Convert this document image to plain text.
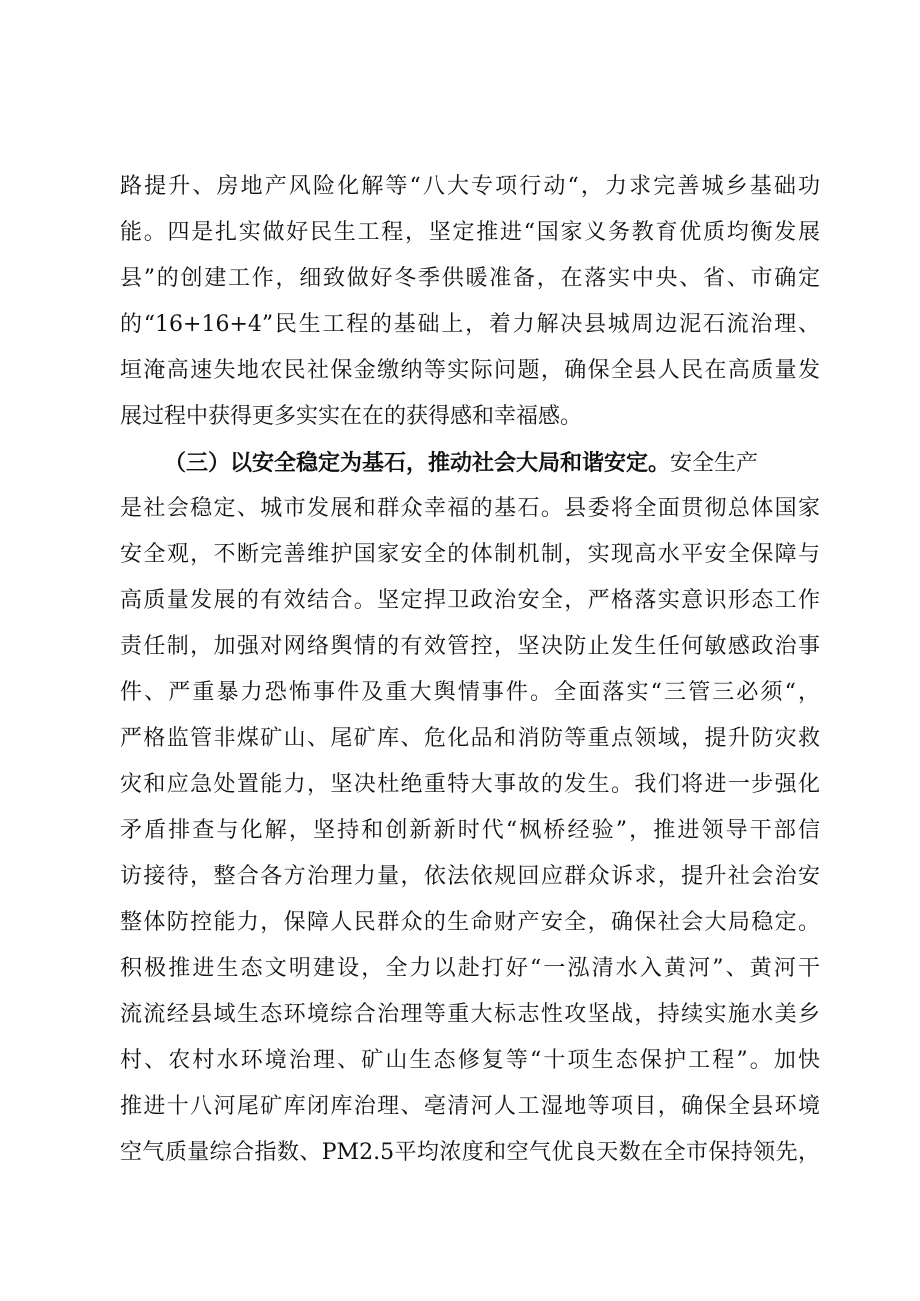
路提升、房地产风险化解等“八大专项行动“，力求完善城乡基础功
能。四是扎实做好民生工程，坚定推进“国家义务教育优质均衡发展
县”的创建工作，细致做好冬季供暖准备，在落实中央、省、市确定
的“16+16+4”民生工程的基础上，着力解决县城周边泥石流治理、
垣淹高速失地农民社保金缴纳等实际问题，确保全县人民在高质量发
展过程中获得更多实实在在的获得感和幸福感。
（三）以安全稳定为基石，推动社会大局和谐安定。安全生产
是社会稳定、城市发展和群众幸福的基石。县委将全面贯彻总体国家
安全观，不断完善维护国家安全的体制机制，实现高水平安全保障与
高质量发展的有效结合。坚定捍卫政治安全，严格落实意识形态工作
责任制，加强对网络舆情的有效管控，坚决防止发生任何敏感政治事
件、严重暴力恐怖事件及重大舆情事件。全面落实“三管三必须“，
严格监管非煤矿山、尾矿库、危化品和消防等重点领域，提升防灾救
灾和应急处置能力，坚决杜绝重特大事故的发生。我们将进一步强化
矛盾排查与化解，坚持和创新新时代“枫桥经验”，推进领导干部信
访接待，整合各方治理力量，依法依规回应群众诉求，提升社会治安
整体防控能力，保障人民群众的生命财产安全，确保社会大局稳定。
积极推进生态文明建设，全力以赴打好“一泓清水入黄河”、黄河干
流流经县域生态环境综合治理等重大标志性攻坚战，持续实施水美乡
村、农村水环境治理、矿山生态修复等“十项生态保护工程”。加快
推进十八河尾矿库闭库治理、亳清河人工湿地等项目，确保全县环境
空气质量综合指数、PM2.5平均浓度和空气优良天数在全市保持领先，
